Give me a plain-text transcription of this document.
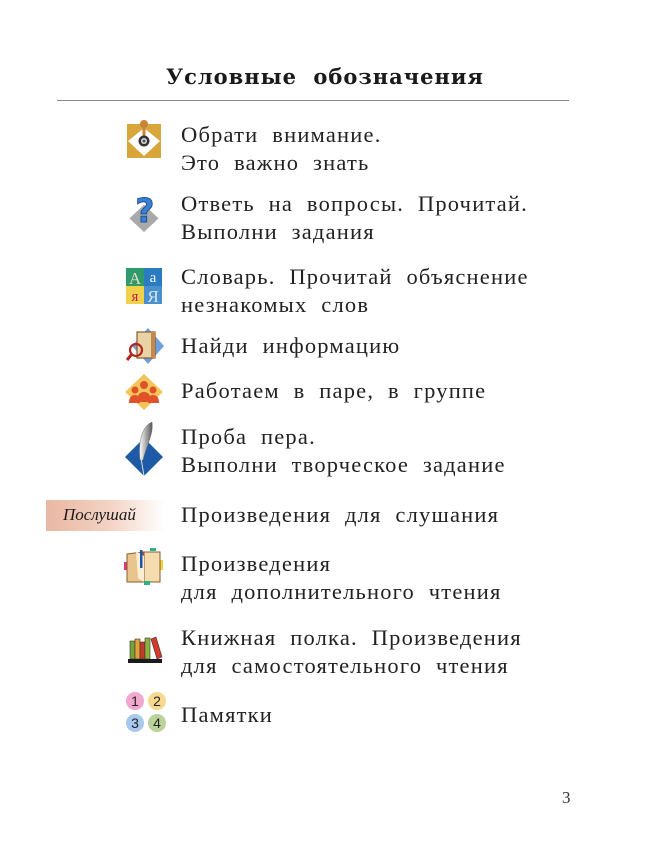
Условные обозначения
Обрати внимание.
Это важно знать
? Ответь на вопросы. Прочитай.
Выполни задания
А a
я Я
Словарь. Прочитай объяснение
незнакомых слов
Найди информацию
Работаем в паре, в группе
Проба пера.
Выполни творческое задание
Послушай Произведения для слушания
Произведения
для дополнительного чтения
Книжная полка. Произведения
для самостоятельного чтения
1	2
3	4 Памятки
3
